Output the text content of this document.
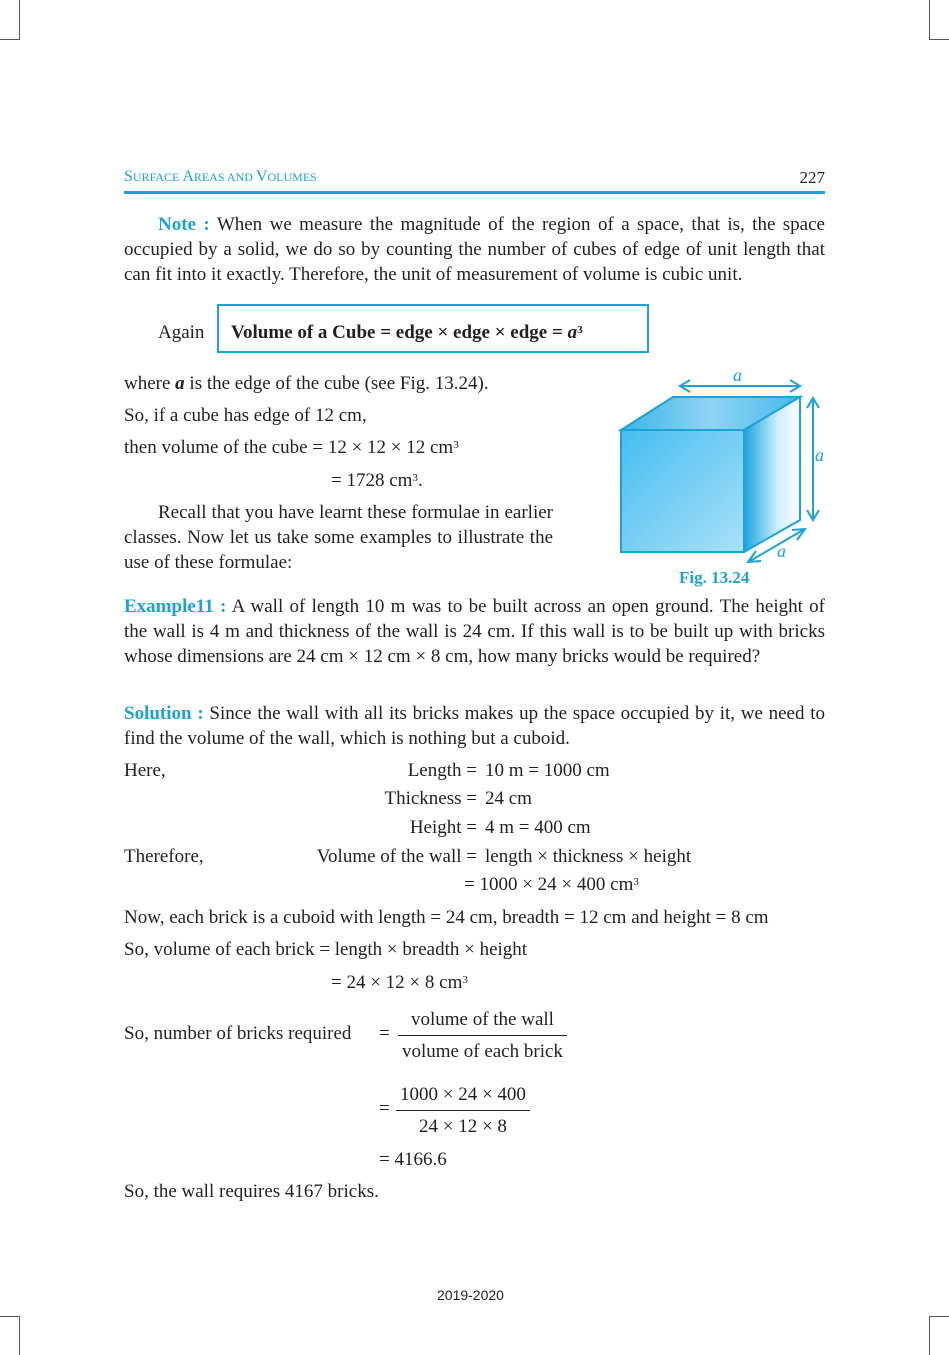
SURFACE AREAS AND VOLUMES	227
Note : When we measure the magnitude of the region of a space, that is, the space occupied by a solid, we do so by counting the number of cubes of edge of unit length that can fit into it exactly. Therefore, the unit of measurement of volume is cubic unit.
Again Volume of a Cube = edge × edge × edge = $a^3$
where a is the edge of the cube (see Fig. 13.24).
So, if a cube has edge of 12 cm,
then volume of the cube = 12 × 12 × 12 $cm^3$
= 1728 $cm^3$.
Recall that you have learnt these formulae in earlier classes. Now let us take some examples to illustrate the use of these formulae:
a
a
a
Fig. 13.24
Example11 : A wall of length 10 m was to be built across an open ground. The height of the wall is 4 m and thickness of the wall is 24 cm. If this wall is to be built up with bricks whose dimensions are 24 cm × 12 cm × 8 cm, how many bricks would be required?
Solution : Since the wall with all its bricks makes up the space occupied by it, we need to find the volume of the wall, which is nothing but a cuboid.
Here,	Length = 10 m = 1000 cm
Thickness = 24 cm
Height = 4 m = 400 cm
Therefore,	Volume of the wall = length × thickness × height
= 1000 × 24 × 400 $cm^3$
Now, each brick is a cuboid with length = 24 cm, breadth = 12 cm and height = 8 cm
So, volume of each brick = length × breadth × height
= 24 × 12 × 8 $cm^3$
So, number of bricks required = $\frac{\text{volume of the wall}}{\text{volume of each brick}}$
= $\frac{1000 \times 24 \times 400}{24 \times 12 \times 8}$
= 4166.6
So, the wall requires 4167 bricks.
2019-2020
